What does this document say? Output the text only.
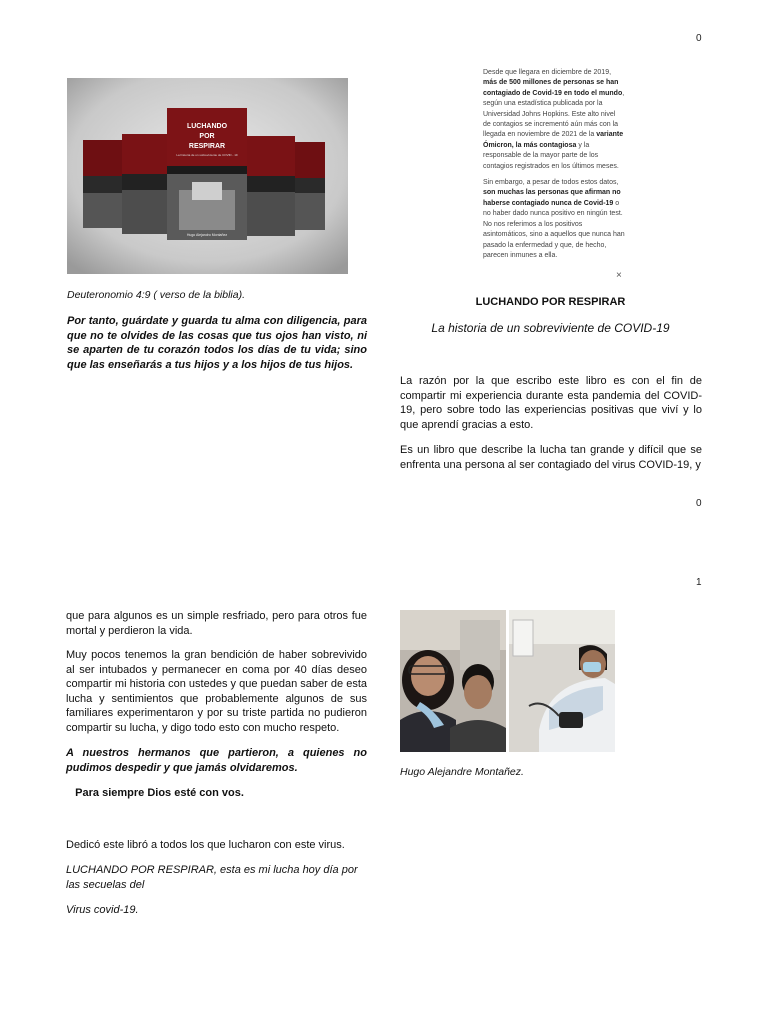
0
LUCHANDO
POR
RESPIRAR
La historia de un sobreviviente de COVID - 19
Hugo Alejandro Montañez
Deuteronomio 4:9 ( verso de la biblia).

Por tanto, guárdate y guarda tu alma con diligencia, para que no te olvides de las cosas que tus ojos han visto, ni se aparten de tu corazón todos los días de tu vida; sino que las enseñarás a tus hijos y a los hijos de tus hijos.

Desde que llegara en diciembre de 2019, más de 500 millones de personas se han contagiado de Covid-19 en todo el mundo, según una estadística publicada por la Universidad Johns Hopkins. Este alto nivel de contagios se incrementó aún más con la llegada en noviembre de 2021 de la variante Ómicron, la más contagiosa y la responsable de la mayor parte de los contagios registrados en los últimos meses.

Sin embargo, a pesar de todos estos datos, son muchas las personas que afirman no haberse contagiado nunca de Covid-19 o no haber dado nunca positivo en ningún test. No nos referimos a los positivos asintomáticos, sino a aquellos que nunca han pasado la enfermedad y que, de hecho, parecen inmunes a ella.

×
LUCHANDO POR RESPIRAR
La historia de un sobreviviente de COVID-19

La razón por la que escribo este libro es con el fin de compartir mi experiencia durante esta pandemia del COVID-19, pero sobre todo las experiencias positivas que viví y lo que aprendí gracias a esto.

Es un libro que describe la lucha tan grande y difícil que se enfrenta una persona al ser contagiado del virus COVID-19, y

0
1

que para algunos es un simple resfriado, pero para otros fue mortal y perdieron la vida.

Muy pocos tenemos la gran bendición de haber sobrevivido al ser intubados y permanecer en coma por 40 días deseo compartir mi historia con ustedes y que puedan saber de esta lucha y sentimientos que probablemente algunos de sus familiares experimentaron y por su triste partida no pudieron compartir su lucha, y digo todo esto con mucho respeto.

A nuestros hermanos que partieron, a quienes no pudimos despedir y que jamás olvidaremos.

Para siempre Dios esté con vos.

Dedicó este libró a todos los que lucharon con este virus.

LUCHANDO POR RESPIRAR, esta es mi lucha hoy día por las secuelas del

Virus covid-19.

Hugo Alejandre Montañez.
